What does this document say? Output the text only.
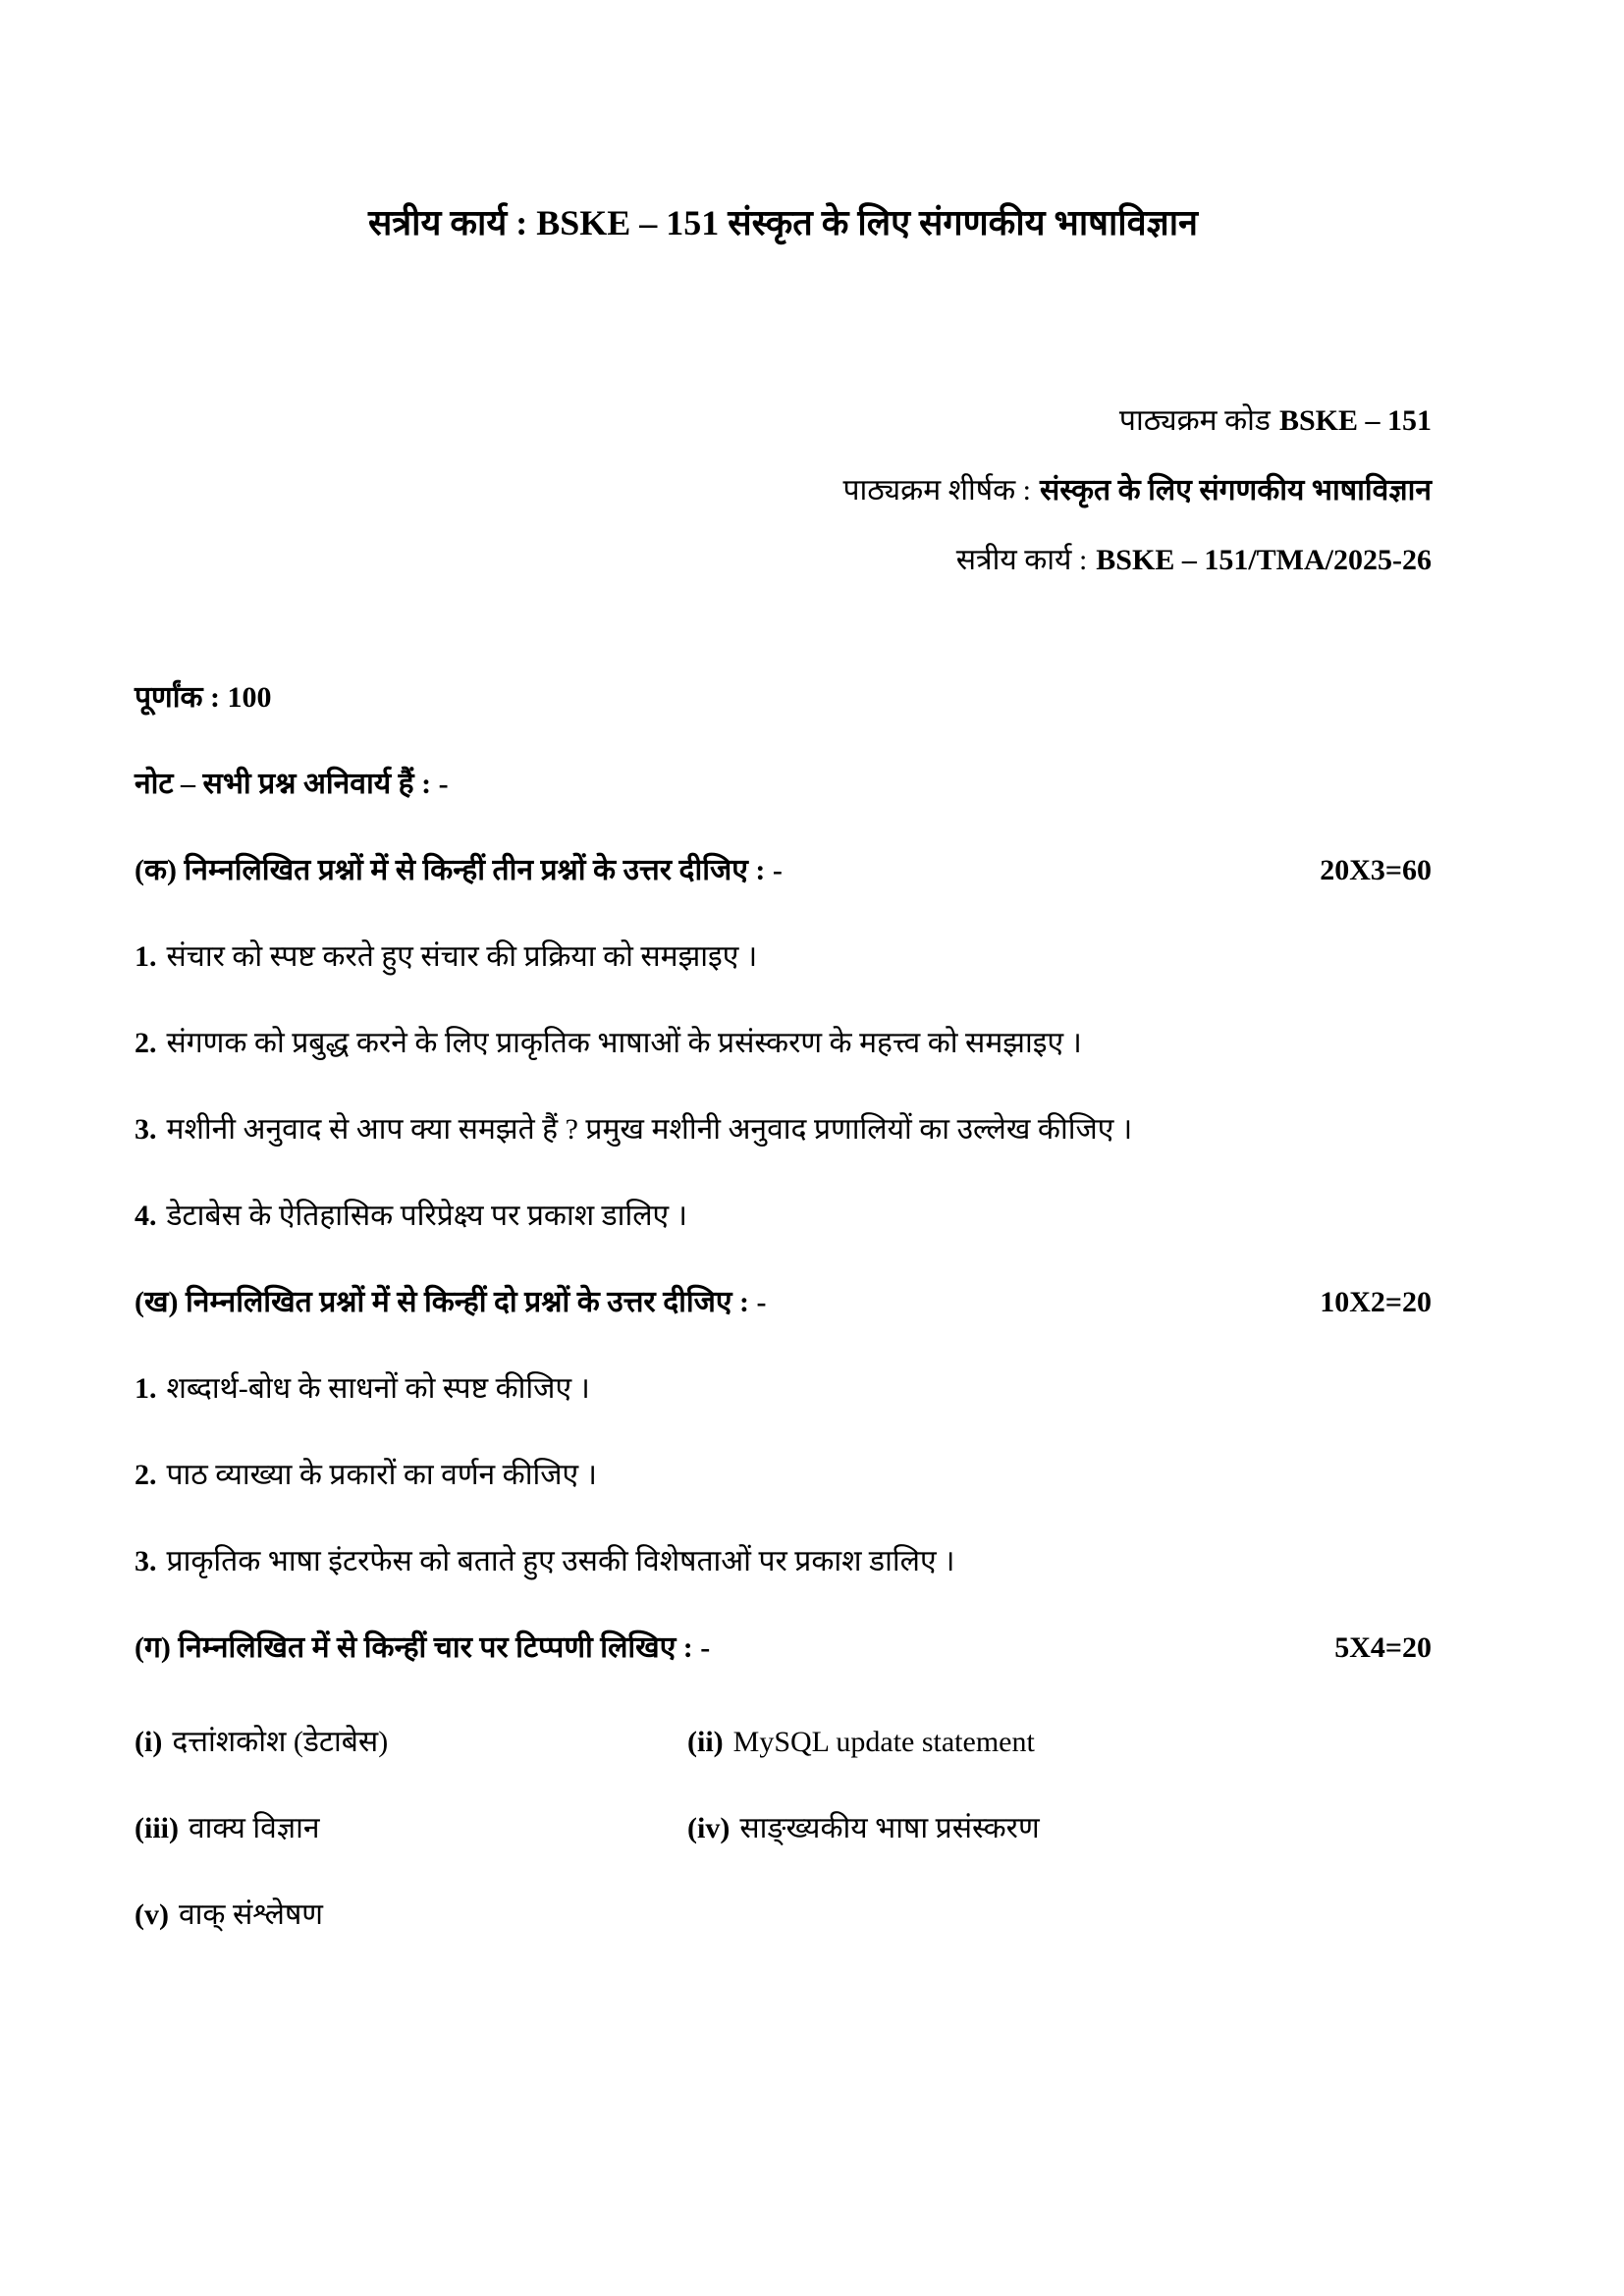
सत्रीय कार्य : BSKE – 151 संस्कृत के लिए संगणकीय भाषाविज्ञान

पाठ्यक्रम कोड BSKE – 151

पाठ्यक्रम शीर्षक : संस्कृत के लिए संगणकीय भाषाविज्ञान

सत्रीय कार्य : BSKE – 151/TMA/2025-26

पूर्णांक : 100

नोट – सभी प्रश्न अनिवार्य हैं : -

(क) निम्नलिखित प्रश्नों में से किन्हीं तीन प्रश्नों के उत्तर दीजिए : -	20X3=60

1. संचार को स्पष्ट करते हुए संचार की प्रक्रिया को समझाइए ।

2. संगणक को प्रबुद्ध करने के लिए प्राकृतिक भाषाओं के प्रसंस्करण के महत्त्व को समझाइए ।

3. मशीनी अनुवाद से आप क्या समझते हैं ? प्रमुख मशीनी अनुवाद प्रणालियों का उल्लेख कीजिए ।

4. डेटाबेस के ऐतिहासिक परिप्रेक्ष्य पर प्रकाश डालिए ।

(ख) निम्नलिखित प्रश्नों में से किन्हीं दो प्रश्नों के उत्तर दीजिए : -	10X2=20

1. शब्दार्थ-बोध के साधनों को स्पष्ट कीजिए ।

2. पाठ व्याख्या के प्रकारों का वर्णन कीजिए ।

3. प्राकृतिक भाषा इंटरफेस को बताते हुए उसकी विशेषताओं पर प्रकाश डालिए ।

(ग) निम्नलिखित में से किन्हीं चार पर टिप्पणी लिखिए : -	5X4=20

(i) दत्तांशकोश (डेटाबेस)	(ii) MySQL update statement

(iii) वाक्य विज्ञान	(iv) साङ्ख्यकीय भाषा प्रसंस्करण

(v) वाक् संश्लेषण
